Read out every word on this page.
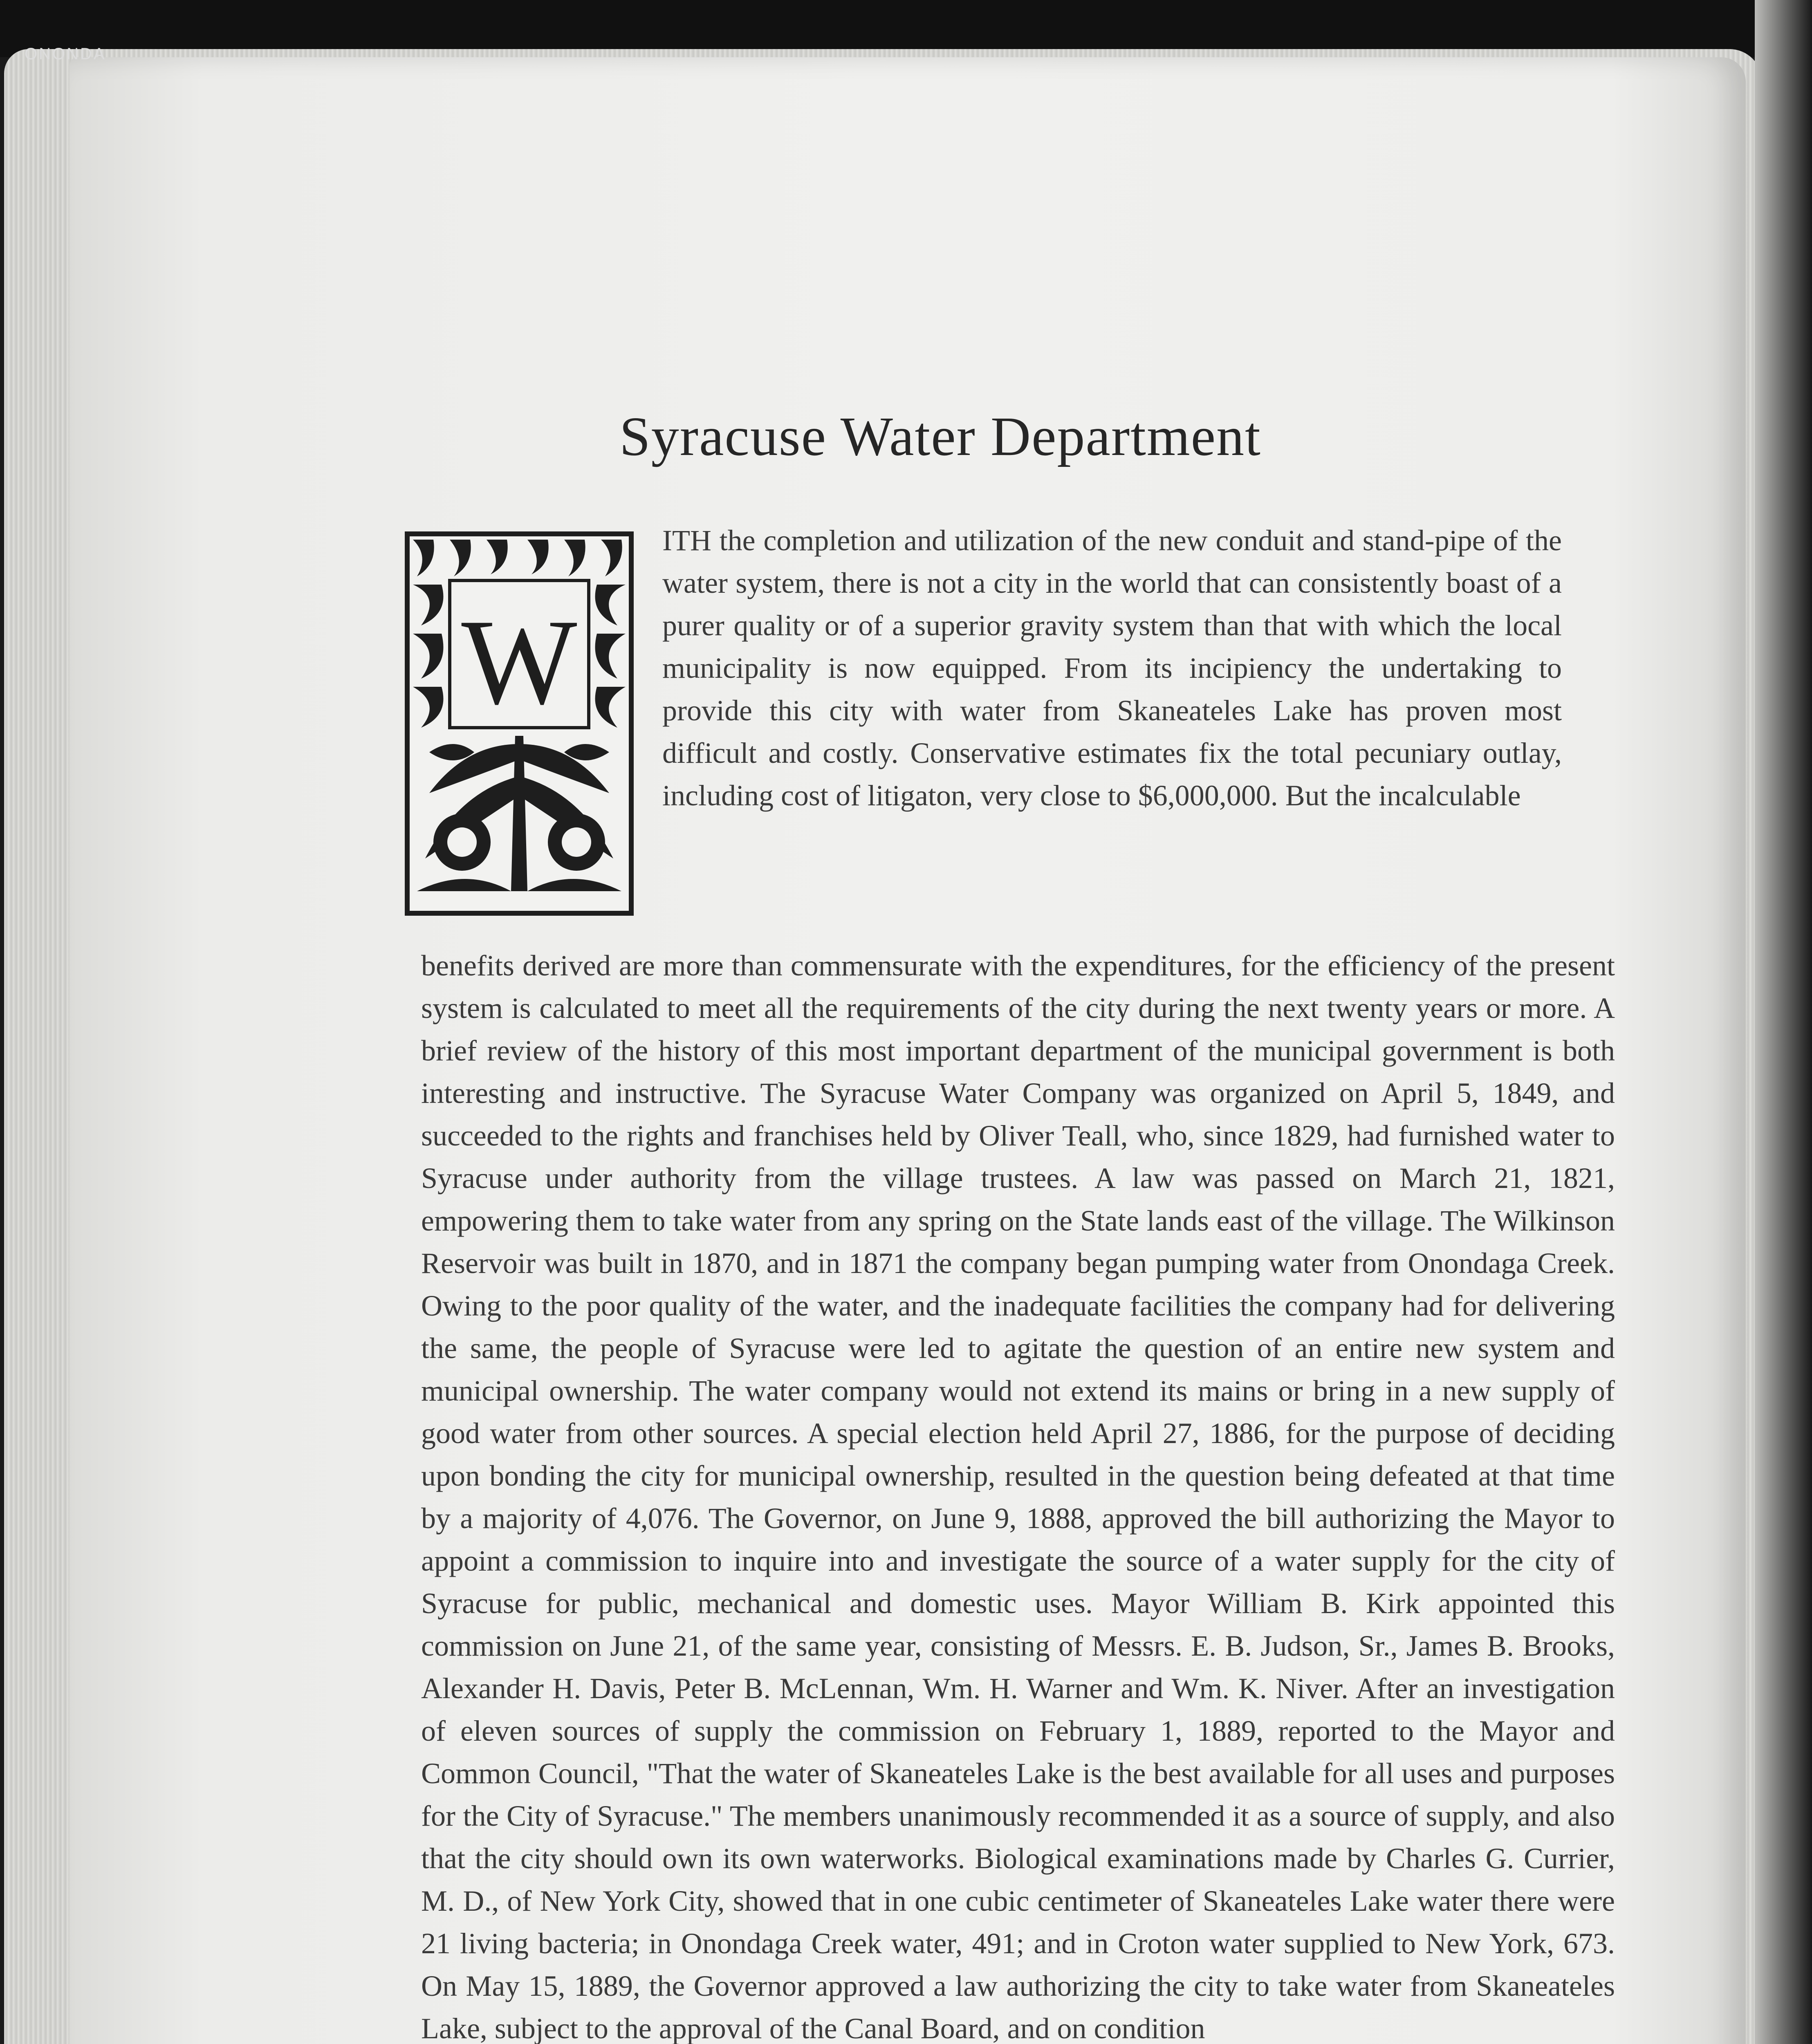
ONONDA
Syracuse Water Department
W

ITH the completion and utilization of the new conduit and stand-pipe of the water system, there is not a city in the world that can consistently boast of a purer quality or of a superior gravity system than that with which the local municipality is now equipped. From its incipiency the undertaking to provide this city with water from Skaneateles Lake has proven most difficult and costly. Conservative estimates fix the total pecuniary outlay, including cost of litigaton, very close to $6,000,000. But the incalculable

benefits derived are more than commensurate with the expenditures, for the efficiency of the present system is calculated to meet all the requirements of the city during the next twenty years or more. A brief review of the history of this most important department of the municipal government is both interesting and instructive. The Syracuse Water Company was organized on April 5, 1849, and succeeded to the rights and franchises held by Oliver Teall, who, since 1829, had furnished water to Syracuse under authority from the village trustees. A law was passed on March 21, 1821, empowering them to take water from any spring on the State lands east of the village. The Wilkinson Reservoir was built in 1870, and in 1871 the company began pumping water from Onondaga Creek. Owing to the poor quality of the water, and the inadequate facilities the company had for delivering the same, the people of Syracuse were led to agitate the question of an entire new system and municipal ownership. The water company would not extend its mains or bring in a new supply of good water from other sources. A special election held April 27, 1886, for the purpose of deciding upon bonding the city for municipal ownership, resulted in the question being defeated at that time by a majority of 4,076. The Governor, on June 9, 1888, approved the bill authorizing the Mayor to appoint a commission to inquire into and investigate the source of a water supply for the city of Syracuse for public, mechanical and domestic uses. Mayor William B. Kirk appointed this commission on June 21, of the same year, consisting of Messrs. E. B. Judson, Sr., James B. Brooks, Alexander H. Davis, Peter B. McLennan, Wm. H. Warner and Wm. K. Niver. After an investigation of eleven sources of supply the commission on February 1, 1889, reported to the Mayor and Common Council, "That the water of Skaneateles Lake is the best available for all uses and purposes for the City of Syracuse." The members unanimously recommended it as a source of supply, and also that the city should own its own waterworks. Biological examinations made by Charles G. Currier, M. D., of New York City, showed that in one cubic centimeter of Skaneateles Lake water there were 21 living bacteria; in Onondaga Creek water, 491; and in Croton water supplied to New York, 673. On May 15, 1889, the Governor approved a law authorizing the city to take water from Skaneateles Lake, subject to the approval of the Canal Board, and on condition
